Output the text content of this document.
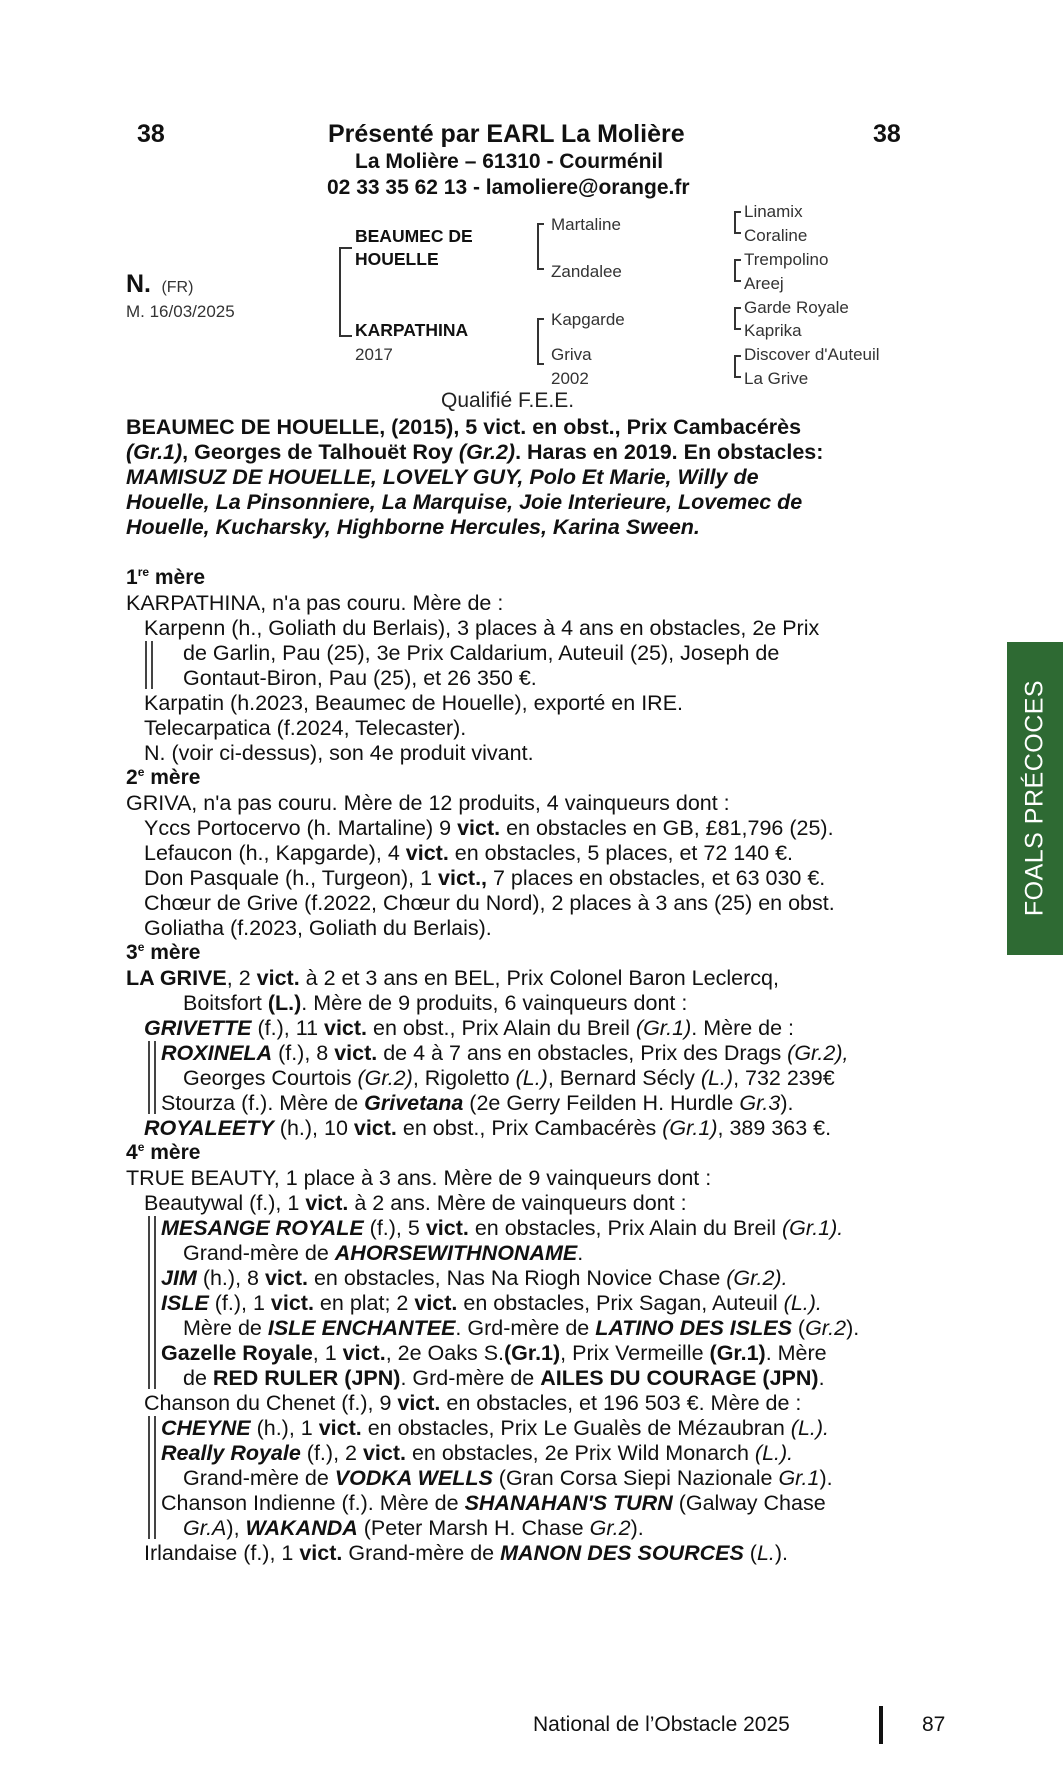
38	Présenté par EARL La Molière	38
La Molière – 61310 - Courménil
02 33 35 62 13 - lamoliere@orange.fr
N. (FR)
M. 16/03/2025
BEAUMEC DE
HOUELLE
KARPATHINA
2017
Martaline
Zandalee
Kapgarde
Griva
2002
Linamix
Coraline
Trempolino
Areej
Garde Royale
Kaprika
Discover d'Auteuil
La Grive
Qualifié F.E.E.
BEAUMEC DE HOUELLE, (2015), 5 vict. en obst., Prix Cambacérès
(Gr.1), Georges de Talhouët Roy (Gr.2). Haras en 2019. En obstacles:
MAMISUZ DE HOUELLE, LOVELY GUY, Polo Et Marie, Willy de
Houelle, La Pinsonniere, La Marquise, Joie Interieure, Lovemec de
Houelle, Kucharsky, Highborne Hercules, Karina Sween.
1re mère
KARPATHINA, n'a pas couru. Mère de :
Karpenn (h., Goliath du Berlais), 3 places à 4 ans en obstacles, 2e Prix
de Garlin, Pau (25), 3e Prix Caldarium, Auteuil (25), Joseph de
Gontaut-Biron, Pau (25), et 26 350 €.
Karpatin (h.2023, Beaumec de Houelle), exporté en IRE.
Telecarpatica (f.2024, Telecaster).
N. (voir ci-dessus), son 4e produit vivant.
2e mère
GRIVA, n'a pas couru. Mère de 12 produits, 4 vainqueurs dont :
Yccs Portocervo (h. Martaline) 9 vict. en obstacles en GB, £81,796 (25).
Lefaucon (h., Kapgarde), 4 vict. en obstacles, 5 places, et 72 140 €.
Don Pasquale (h., Turgeon), 1 vict., 7 places en obstacles, et 63 030 €.
Chœur de Grive (f.2022, Chœur du Nord), 2 places à 3 ans (25) en obst.
Goliatha (f.2023, Goliath du Berlais).
3e mère
LA GRIVE, 2 vict. à 2 et 3 ans en BEL, Prix Colonel Baron Leclercq,
Boitsfort (L.). Mère de 9 produits, 6 vainqueurs dont :
GRIVETTE (f.), 11 vict. en obst., Prix Alain du Breil (Gr.1). Mère de :
ROXINELA (f.), 8 vict. de 4 à 7 ans en obstacles, Prix des Drags (Gr.2),
Georges Courtois (Gr.2), Rigoletto (L.), Bernard Sécly (L.), 732 239€
Stourza (f.). Mère de Grivetana (2e Gerry Feilden H. Hurdle Gr.3).
ROYALEETY (h.), 10 vict. en obst., Prix Cambacérès (Gr.1), 389 363 €.
4e mère
TRUE BEAUTY, 1 place à 3 ans. Mère de 9 vainqueurs dont :
Beautywal (f.), 1 vict. à 2 ans. Mère de vainqueurs dont :
MESANGE ROYALE (f.), 5 vict. en obstacles, Prix Alain du Breil (Gr.1).
Grand-mère de AHORSEWITHNONAME.
JIM (h.), 8 vict. en obstacles, Nas Na Riogh Novice Chase (Gr.2).
ISLE (f.), 1 vict. en plat; 2 vict. en obstacles, Prix Sagan, Auteuil (L.).
Mère de ISLE ENCHANTEE. Grd-mère de LATINO DES ISLES (Gr.2).
Gazelle Royale, 1 vict., 2e Oaks S.(Gr.1), Prix Vermeille (Gr.1). Mère
de RED RULER (JPN). Grd-mère de AILES DU COURAGE (JPN).
Chanson du Chenet (f.), 9 vict. en obstacles, et 196 503 €. Mère de :
CHEYNE (h.), 1 vict. en obstacles, Prix Le Gualès de Mézaubran (L.).
Really Royale (f.), 2 vict. en obstacles, 2e Prix Wild Monarch (L.).
Grand-mère de VODKA WELLS (Gran Corsa Siepi Nazionale Gr.1).
Chanson Indienne (f.). Mère de SHANAHAN'S TURN (Galway Chase
Gr.A), WAKANDA (Peter Marsh H. Chase Gr.2).
Irlandaise (f.), 1 vict. Grand-mère de MANON DES SOURCES (L.).
FOALS PRÉCOCES
National de l’Obstacle 2025	87
